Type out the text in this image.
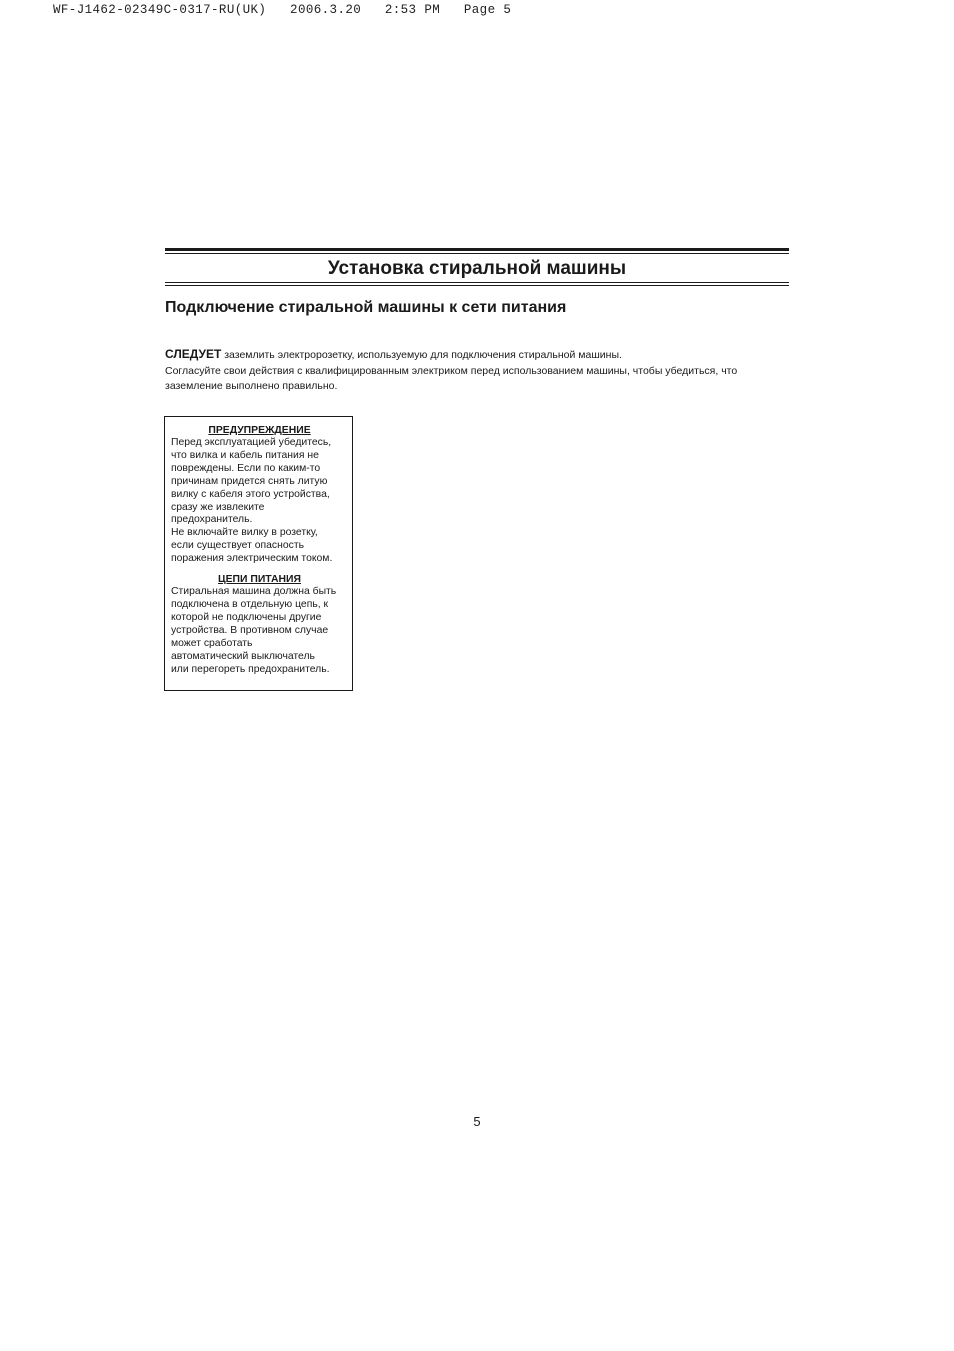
WF-J1462-02349C-0317-RU(UK)   2006.3.20   2:53 PM   Page 5
Установка стиральной машины
Подключение стиральной машины к сети питания
СЛЕДУЕТ заземлить электророзетку, используемую для подключения стиральной машины.
Согласуйте свои действия с квалифицированным электриком перед использованием машины, чтобы убедиться, что
заземление выполнено правильно.
ПРЕДУПРЕЖДЕНИЕ
Перед эксплуатацией убедитесь,
что вилка и кабель питания не
повреждены. Если по каким-то
причинам придется снять литую
вилку с кабеля этого устройства,
сразу же извлеките
предохранитель.
Не включайте вилку в розетку,
если существует опасность
поражения электрическим током.
ЦЕПИ ПИТАНИЯ
Стиральная машина должна быть
подключена в отдельную цепь, к
которой не подключены другие
устройства. В противном случае
может сработать
автоматический выключатель
или перегореть предохранитель.
5
